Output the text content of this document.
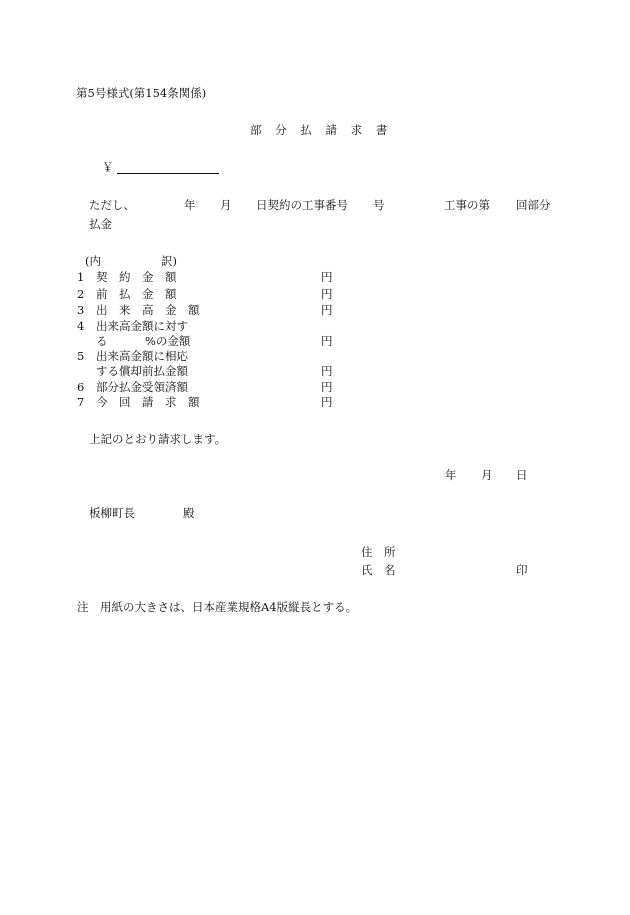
第5号様式(第154条関係)
部 分 払 請 求 書
￥
ただし、	年 月 日契約の工事番号 号	工事の第 回部分
払金
(内	訳)
1 契　約　金　額	円
2 前　払　金　額	円
3 出　来　高　金　額	円
4 出来高金額に対す
る	%の金額	円
5 出来高金額に相応
する償却前払金額	円
6 部分払金受領済額	円
7 今　回　請　求　額	円
上記のとおり請求します。
年 月 日
板柳町長	殿
住　所
氏　名	印
注　用紙の大きさは、日本産業規格A4版縦長とする。
